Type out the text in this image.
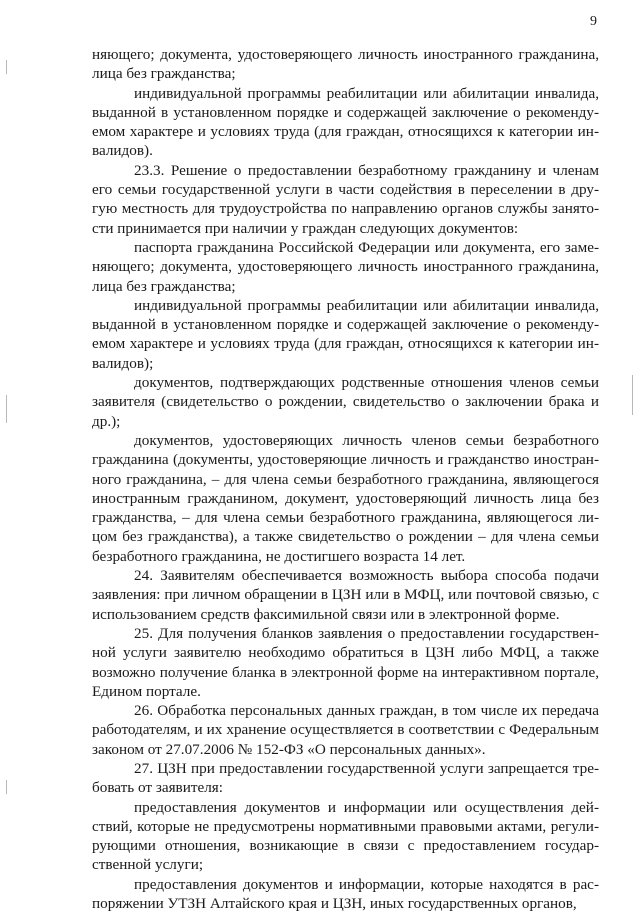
9

няющего; документа, удостоверяющего личность иностранного гражданина, лица без гражданства;

индивидуальной программы реабилитации или абилитации инвалида, выданной в установленном порядке и содержащей заключение о рекомендуемом характере и условиях труда (для граждан, относящихся к категории инвалидов).

23.3. Решение о предоставлении безработному гражданину и членам его семьи государственной услуги в части содействия в переселении в другую местность для трудоустройства по направлению органов службы занятости принимается при наличии у граждан следующих документов:

паспорта гражданина Российской Федерации или документа, его заменяющего; документа, удостоверяющего личность иностранного гражданина, лица без гражданства;

индивидуальной программы реабилитации или абилитации инвалида, выданной в установленном порядке и содержащей заключение о рекомендуемом характере и условиях труда (для граждан, относящихся к категории инвалидов);

документов, подтверждающих родственные отношения членов семьи заявителя (свидетельство о рождении, свидетельство о заключении брака и др.);

документов, удостоверяющих личность членов семьи безработного гражданина (документы, удостоверяющие личность и гражданство иностранного гражданина, – для члена семьи безработного гражданина, являющегося иностранным гражданином, документ, удостоверяющий личность лица без гражданства, – для члена семьи безработного гражданина, являющегося лицом без гражданства), а также свидетельство о рождении – для члена семьи безработного гражданина, не достигшего возраста 14 лет.

24. Заявителям обеспечивается возможность выбора способа подачи заявления: при личном обращении в ЦЗН или в МФЦ, или почтовой связью, с использованием средств факсимильной связи или в электронной форме.

25. Для получения бланков заявления о предоставлении государственной услуги заявителю необходимо обратиться в ЦЗН либо МФЦ, а также возможно получение бланка в электронной форме на интерактивном портале, Едином портале.

26. Обработка персональных данных граждан, в том числе их передача работодателям, и их хранение осуществляется в соответствии с Федеральным законом от 27.07.2006 № 152-ФЗ «О персональных данных».

27. ЦЗН при предоставлении государственной услуги запрещается требовать от заявителя:

предоставления документов и информации или осуществления действий, которые не предусмотрены нормативными правовыми актами, регулирующими отношения, возникающие в связи с предоставлением государственной услуги;

предоставления документов и информации, которые находятся в распоряжении УТЗН Алтайского края и ЦЗН, иных государственных органов,
